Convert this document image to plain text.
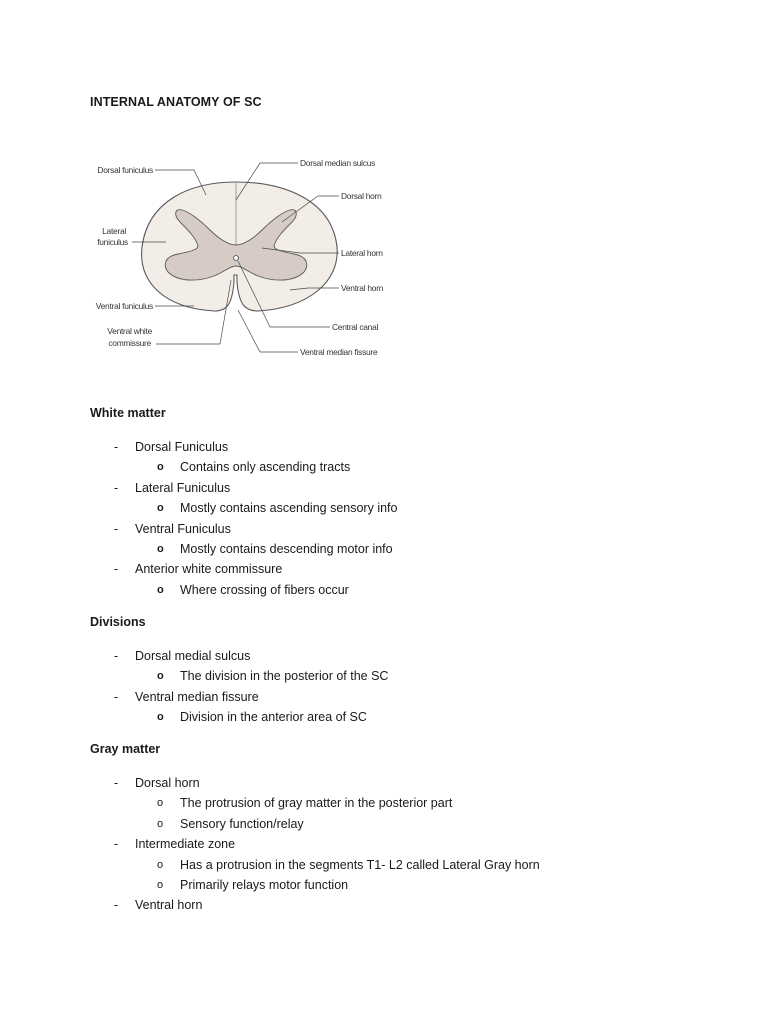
INTERNAL ANATOMY OF SC
Dorsal funiculus
Dorsal median sulcus
Dorsal horn
Lateral
funiculus
Lateral horn
Ventral horn
Ventral funiculus
Central canal
Ventral white
commissure
Ventral median fissure
White matter
- Dorsal Funiculus
o Contains only ascending tracts
- Lateral Funiculus
o Mostly contains ascending sensory info
- Ventral Funiculus
o Mostly contains descending motor info
- Anterior white commissure
o Where crossing of fibers occur
Divisions
- Dorsal medial sulcus
o The division in the posterior of the SC
- Ventral median fissure
o Division in the anterior area of SC
Gray matter
- Dorsal horn
o The protrusion of gray matter in the posterior part
o Sensory function/relay
- Intermediate zone
o Has a protrusion in the segments T1- L2 called Lateral Gray horn
o Primarily relays motor function
- Ventral horn
